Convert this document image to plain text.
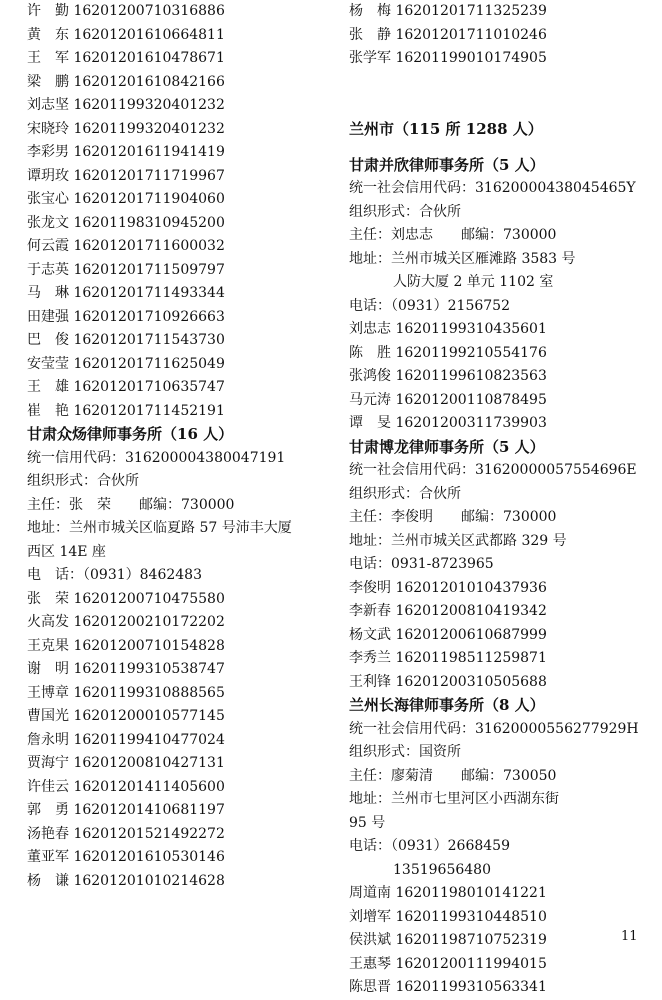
许　勤 16201200710316886
黄　东 16201201610664811
王　军 16201201610478671
梁　鹏 16201201610842166
刘志坚 16201199320401232
宋晓玲 16201199320401232
李彩男 16201201611941419
谭玥玫 16201201711719967
张宝心 16201201711904060
张龙文 16201198310945200
何云霞 16201201711600032
于志英 16201201711509797
马　琳 16201201711493344
田建强 16201201710926663
巴　俊 16201201711543730
安莹莹 16201201711625049
王　雄 16201201710635747
崔　艳 16201201711452191
甘肃众炀律师事务所（16 人）
统一信用代码：316200004380047191
组织形式：合伙所
主任：张　荣　　邮编：730000
地址：兰州市城关区临夏路 57 号沛丰大厦
西区 14E 座
电　话：（0931）8462483
张　荣 16201200710475580
火高发 16201200210172202
王克果 16201200710154828
谢　明 16201199310538747
王博章 16201199310888565
曹国光 16201200010577145
詹永明 16201199410477024
贾海宁 16201200810427131
许佳云 16201201411405600
郭　勇 16201201410681197
汤艳春 16201201521492272
董亚军 16201201610530146
杨　谦 16201201010214628
杨　梅 16201201711325239
张　静 16201201711010246
张学军 16201199010174905
兰州市（115 所 1288 人）
甘肃并欣律师事务所（5 人）
统一社会信用代码：31620000438045465Y
组织形式：合伙所
主任：刘忠志　　邮编：730000
地址：兰州市城关区雁滩路 3583 号
人防大厦 2 单元 1102 室
电话：（0931）2156752
刘忠志 16201199310435601
陈　胜 16201199210554176
张鸿俊 16201199610823563
马元涛 16201200110878495
谭　旻 16201200311739903
甘肃博龙律师事务所（5 人）
统一社会信用代码：31620000057554696E
组织形式：合伙所
主任：李俊明　　邮编：730000
地址：兰州市城关区武都路 329 号
电话：0931-8723965
李俊明 16201201010437936
李新春 16201200810419342
杨文武 16201200610687999
李秀兰 16201198511259871
王利锋 16201200310505688
兰州长海律师事务所（8 人）
统一社会信用代码：31620000556277929H
组织形式：国资所
主任：廖菊清　　邮编：730050
地址：兰州市七里河区小西湖东街
95 号
电话：（0931）2668459
13519656480
周道南 16201198010141221
刘增军 16201199310448510
侯洪斌 16201198710752319
王惠琴 16201200111994015
陈思晋 16201199310563341
11
